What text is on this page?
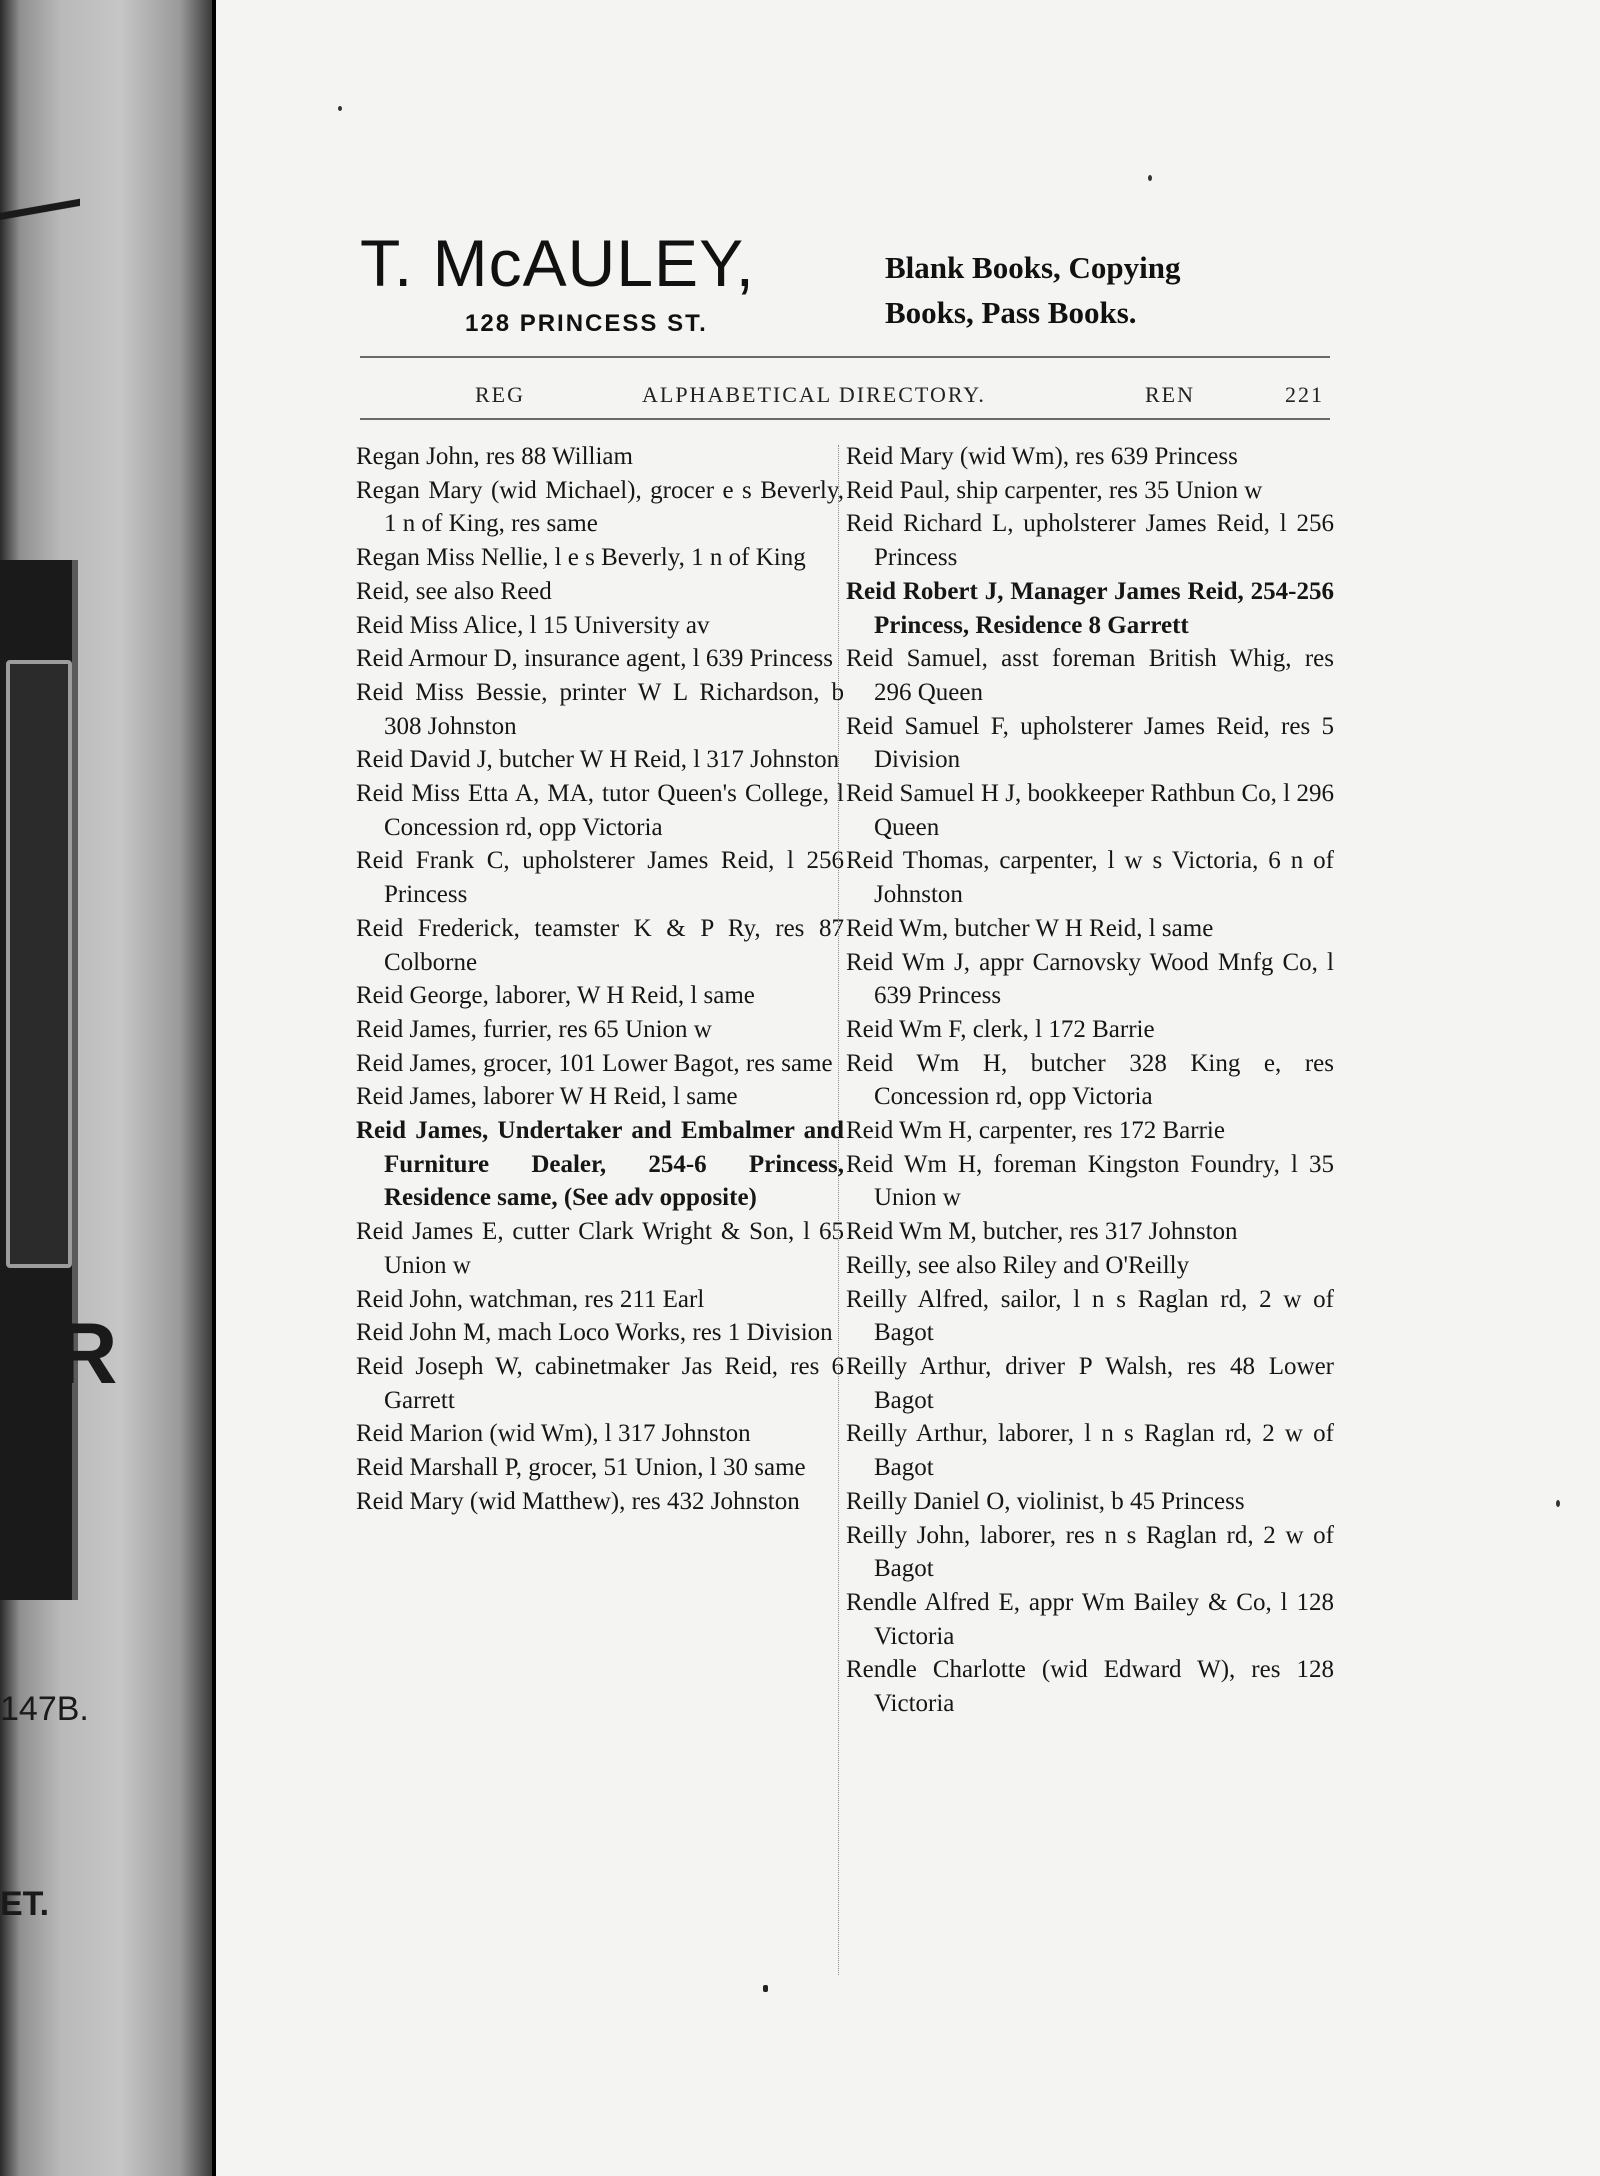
ER
147B.
ET.
T. McAULEY,
128 PRINCESS ST.
Blank Books, Copying
Books, Pass Books.
REG	ALPHABETICAL DIRECTORY.	REN	221
Regan John, res 88 William
Regan Mary (wid Michael), grocer e s Beverly, 1 n of King, res same
Regan Miss Nellie, l e s Beverly, 1 n of King
Reid, see also Reed
Reid Miss Alice, l 15 University av
Reid Armour D, insurance agent, l 639 Princess
Reid Miss Bessie, printer W L Richardson, b 308 Johnston
Reid David J, butcher W H Reid, l 317 Johnston
Reid Miss Etta A, MA, tutor Queen's College, l Concession rd, opp Victoria
Reid Frank C, upholsterer James Reid, l 256 Princess
Reid Frederick, teamster K & P Ry, res 87 Colborne
Reid George, laborer, W H Reid, l same
Reid James, furrier, res 65 Union w
Reid James, grocer, 101 Lower Bagot, res same
Reid James, laborer W H Reid, l same
Reid James, Undertaker and Embalmer and Furniture Dealer, 254-6 Princess, Residence same, (See adv opposite)
Reid James E, cutter Clark Wright & Son, l 65 Union w
Reid John, watchman, res 211 Earl
Reid John M, mach Loco Works, res 1 Division
Reid Joseph W, cabinetmaker Jas Reid, res 6 Garrett
Reid Marion (wid Wm), l 317 Johnston
Reid Marshall P, grocer, 51 Union, l 30 same
Reid Mary (wid Matthew), res 432 Johnston
Reid Mary (wid Wm), res 639 Princess
Reid Paul, ship carpenter, res 35 Union w
Reid Richard L, upholsterer James Reid, l 256 Princess
Reid Robert J, Manager James Reid, 254-256 Princess, Residence 8 Garrett
Reid Samuel, asst foreman British Whig, res 296 Queen
Reid Samuel F, upholsterer James Reid, res 5 Division
Reid Samuel H J, bookkeeper Rathbun Co, l 296 Queen
Reid Thomas, carpenter, l w s Victoria, 6 n of Johnston
Reid Wm, butcher W H Reid, l same
Reid Wm J, appr Carnovsky Wood Mnfg Co, l 639 Princess
Reid Wm F, clerk, l 172 Barrie
Reid Wm H, butcher 328 King e, res Concession rd, opp Victoria
Reid Wm H, carpenter, res 172 Barrie
Reid Wm H, foreman Kingston Foundry, l 35 Union w
Reid Wm M, butcher, res 317 Johnston
Reilly, see also Riley and O'Reilly
Reilly Alfred, sailor, l n s Raglan rd, 2 w of Bagot
Reilly Arthur, driver P Walsh, res 48 Lower Bagot
Reilly Arthur, laborer, l n s Raglan rd, 2 w of Bagot
Reilly Daniel O, violinist, b 45 Princess
Reilly John, laborer, res n s Raglan rd, 2 w of Bagot
Rendle Alfred E, appr Wm Bailey & Co, l 128 Victoria
Rendle Charlotte (wid Edward W), res 128 Victoria
